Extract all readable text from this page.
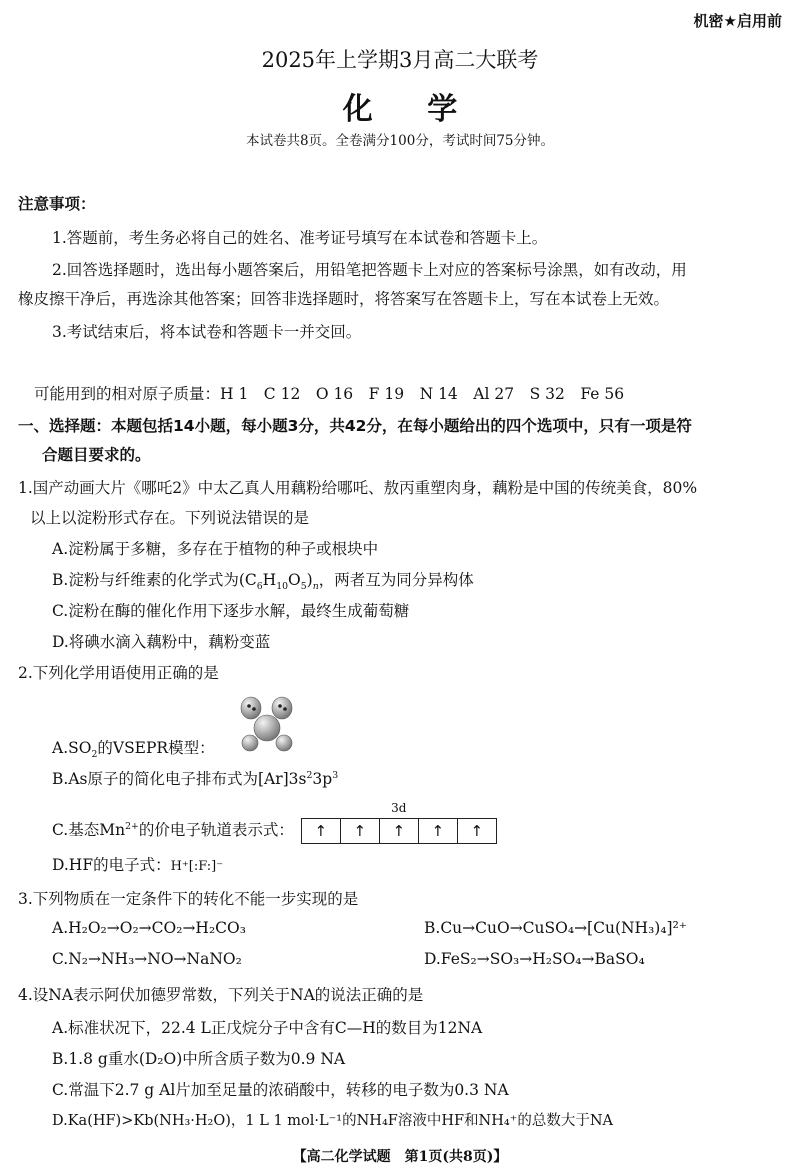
机密★启用前
2025年上学期3月高二大联考
化 学
本试卷共8页。全卷满分100分，考试时间75分钟。
注意事项：
1.答题前，考生务必将自己的姓名、准考证号填写在本试卷和答题卡上。
2.回答选择题时，选出每小题答案后，用铅笔把答题卡上对应的答案标号涂黑，如有改动，用
橡皮擦干净后，再选涂其他答案；回答非选择题时，将答案写在答题卡上，写在本试卷上无效。
3.考试结束后，将本试卷和答题卡一并交回。
可能用到的相对原子质量：H 1　C 12　O 16　F 19　N 14　Al 27　S 32　Fe 56
一、选择题：本题包括14小题，每小题3分，共42分，在每小题给出的四个选项中，只有一项是符
合题目要求的。
1.国产动画大片《哪吒2》中太乙真人用藕粉给哪吒、敖丙重塑肉身，藕粉是中国的传统美食，80%
以上以淀粉形式存在。下列说法错误的是
A.淀粉属于多糖，多存在于植物的种子或根块中
B.淀粉与纤维素的化学式为$(C_6H_{10}O_5)_n$，两者互为同分异构体
C.淀粉在酶的催化作用下逐步水解，最终生成葡萄糖
D.将碘水滴入藕粉中，藕粉变蓝
2.下列化学用语使用正确的是
$A.SO_2$的VSEPR模型：
B.As原子的简化电子排布式为$[Ar]3s^23p^3$
C.基态$Mn^{2+}$的价电子轨道表示式：
3d
↑	↑	↑	↑	↑
D.HF的电子式：H⁺[:F:]⁻
3.下列物质在一定条件下的转化不能一步实现的是
A.H₂O₂→O₂→CO₂→H₂CO₃	B.Cu→CuO→CuSO₄→[Cu(NH₃)₄]²⁺
C.N₂→NH₃→NO→NaNO₂	D.FeS₂→SO₃→H₂SO₄→BaSO₄
4.设NA表示阿伏加德罗常数，下列关于NA的说法正确的是
A.标准状况下，22.4 L正戊烷分子中含有C—H的数目为12NA
B.1.8 g重水(D₂O)中所含质子数为0.9 NA
C.常温下2.7 g Al片加至足量的浓硝酸中，转移的电子数为0.3 NA
D.Ka(HF)>Kb(NH₃·H₂O)，1 L 1 mol·L⁻¹的NH₄F溶液中HF和NH₄⁺的总数大于NA
【高二化学试题　第1页(共8页)】
